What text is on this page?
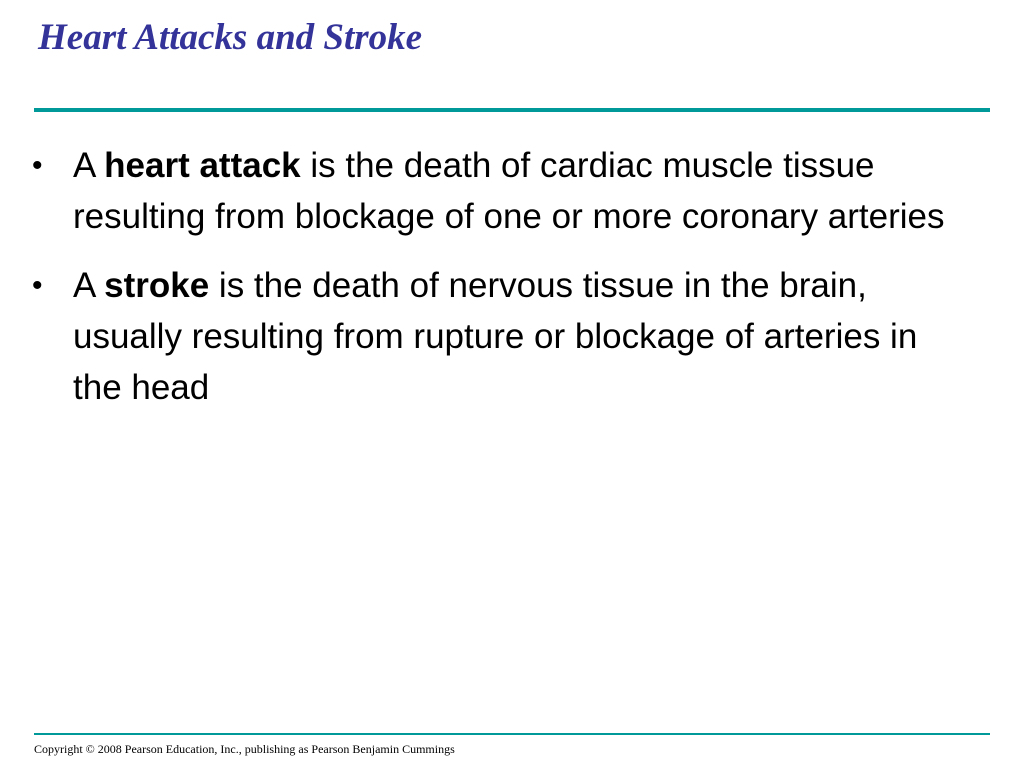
Heart Attacks and Stroke
• A heart attack is the death of cardiac muscle tissue resulting from blockage of one or more coronary arteries
• A stroke is the death of nervous tissue in the brain, usually resulting from rupture or blockage of arteries in the head
Copyright © 2008 Pearson Education, Inc., publishing as Pearson Benjamin Cummings
